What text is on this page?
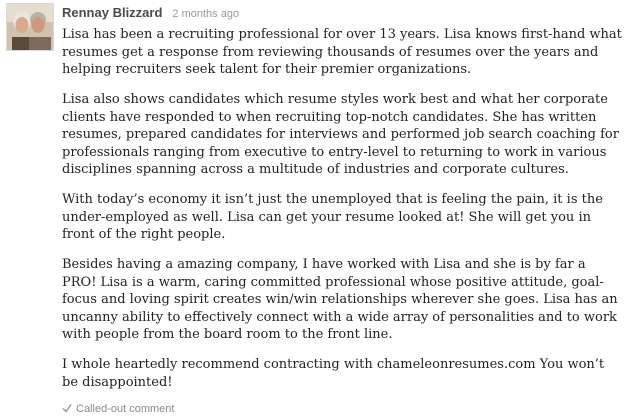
Rennay Blizzard 2 months ago

Lisa has been a recruiting professional for over 13 years. Lisa knows first-hand what resumes get a response from reviewing thousands of resumes over the years and helping recruiters seek talent for their premier organizations.

Lisa also shows candidates which resume styles work best and what her corporate clients have responded to when recruiting top-notch candidates. She has written resumes, prepared candidates for interviews and performed job search coaching for professionals ranging from executive to entry-level to returning to work in various disciplines spanning across a multitude of industries and corporate cultures.

With today’s economy it isn’t just the unemployed that is feeling the pain, it is the under-employed as well. Lisa can get your resume looked at! She will get you in front of the right people.

Besides having a amazing company, I have worked with Lisa and she is by far a PRO! Lisa is a warm, caring committed professional whose positive attitude, goal-focus and loving spirit creates win/win relationships wherever she goes. Lisa has an uncanny ability to effectively connect with a wide array of personalities and to work with people from the board room to the front line.

I whole heartedly recommend contracting with chameleonresumes.com You won’t be disappointed!

Called-out comment
